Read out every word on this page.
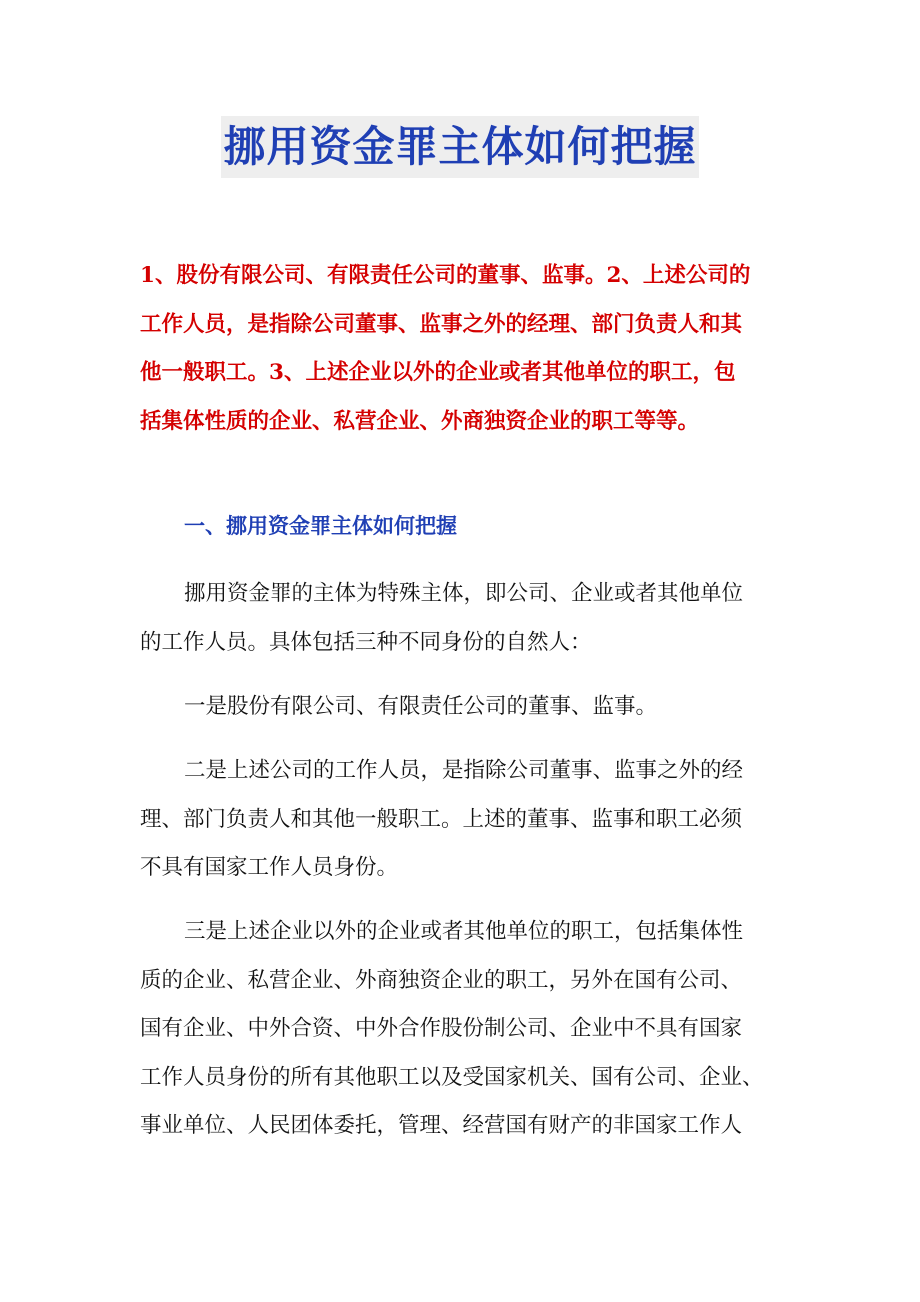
挪用资金罪主体如何把握

1、股份有限公司、有限责任公司的董事、监事。2、上述公司的
工作人员，是指除公司董事、监事之外的经理、部门负责人和其
他一般职工。3、上述企业以外的企业或者其他单位的职工，包
括集体性质的企业、私营企业、外商独资企业的职工等等。

一、挪用资金罪主体如何把握

挪用资金罪的主体为特殊主体，即公司、企业或者其他单位
的工作人员。具体包括三种不同身份的自然人：

一是股份有限公司、有限责任公司的董事、监事。

二是上述公司的工作人员，是指除公司董事、监事之外的经
理、部门负责人和其他一般职工。上述的董事、监事和职工必须
不具有国家工作人员身份。

三是上述企业以外的企业或者其他单位的职工，包括集体性
质的企业、私营企业、外商独资企业的职工，另外在国有公司、
国有企业、中外合资、中外合作股份制公司、企业中不具有国家
工作人员身份的所有其他职工以及受国家机关、国有公司、企业、
事业单位、人民团体委托，管理、经营国有财产的非国家工作人
